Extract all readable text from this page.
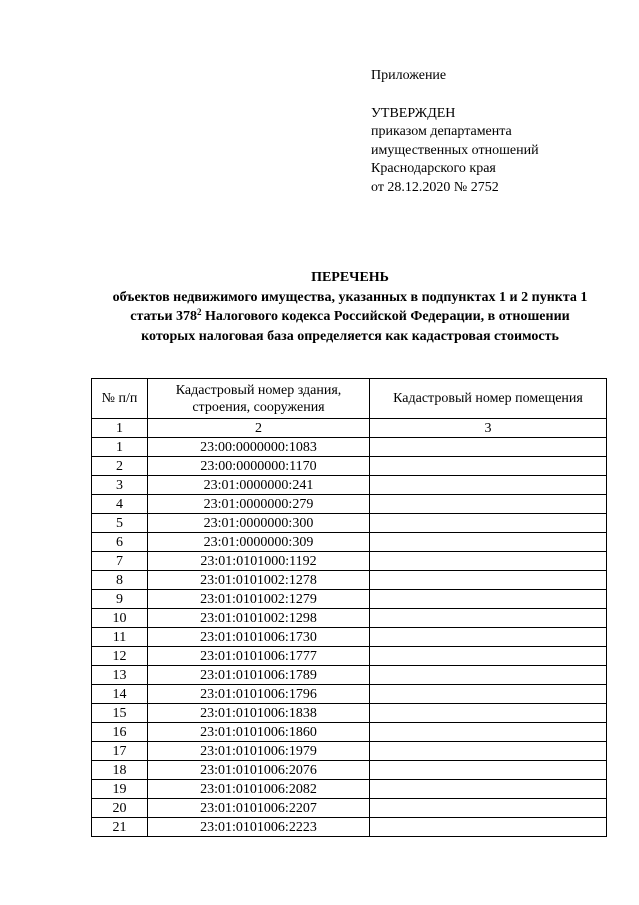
Приложение
УТВЕРЖДЕН
приказом департамента
имущественных отношений
Краснодарского края
от 28.12.2020 № 2752
ПЕРЕЧЕНЬ
объектов недвижимого имущества, указанных в подпунктах 1 и 2 пункта 1
статьи $378^2$ Налогового кодекса Российской Федерации, в отношении
которых налоговая база определяется как кадастровая стоимость
№ п/п	Кадастровый номер здания, строения, сооружения	Кадастровый номер помещения
1	2	3
1	23:00:0000000:1083	
2	23:00:0000000:1170	
3	23:01:0000000:241	
4	23:01:0000000:279	
5	23:01:0000000:300	
6	23:01:0000000:309	
7	23:01:0101000:1192	
8	23:01:0101002:1278	
9	23:01:0101002:1279	
10	23:01:0101002:1298	
11	23:01:0101006:1730	
12	23:01:0101006:1777	
13	23:01:0101006:1789	
14	23:01:0101006:1796	
15	23:01:0101006:1838	
16	23:01:0101006:1860	
17	23:01:0101006:1979	
18	23:01:0101006:2076	
19	23:01:0101006:2082	
20	23:01:0101006:2207	
21	23:01:0101006:2223	
